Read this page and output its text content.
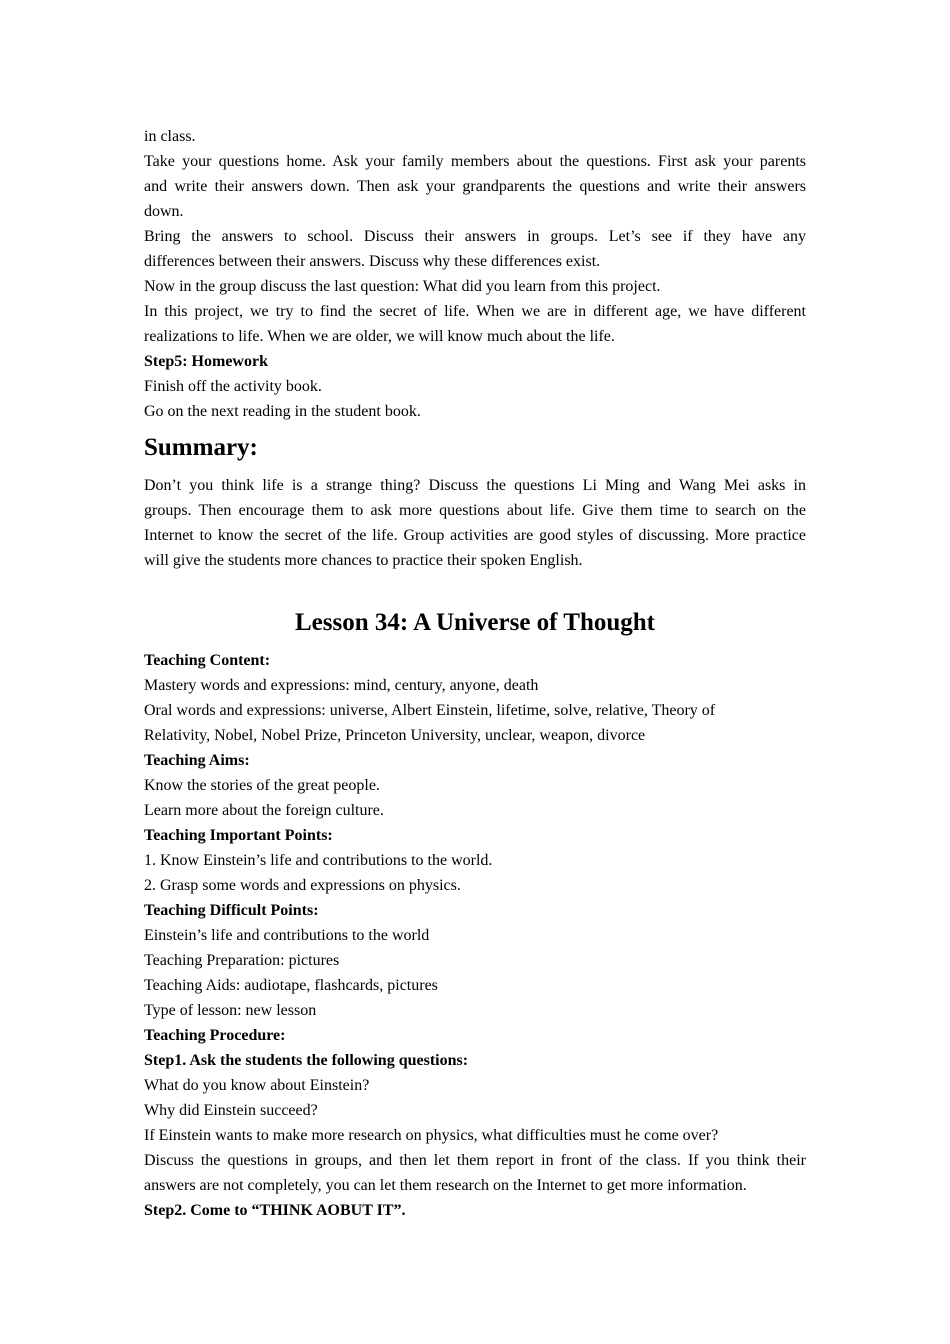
in class.
Take your questions home. Ask your family members about the questions. First ask your parents
and write their answers down. Then ask your grandparents the questions and write their answers
down.
Bring the answers to school. Discuss their answers in groups. Let’s see if they have any
differences between their answers. Discuss why these differences exist.
Now in the group discuss the last question: What did you learn from this project.
In this project, we try to find the secret of life. When we are in different age, we have different
realizations to life. When we are older, we will know much about the life.
Step5: Homework
Finish off the activity book.
Go on the next reading in the student book.
Summary:
Don’t you think life is a strange thing? Discuss the questions Li Ming and Wang Mei asks in
groups. Then encourage them to ask more questions about life. Give them time to search on the
Internet to know the secret of the life. Group activities are good styles of discussing. More practice
will give the students more chances to practice their spoken English.
Lesson 34: A Universe of Thought
Teaching Content:
Mastery words and expressions: mind, century, anyone, death
Oral words and expressions: universe, Albert Einstein, lifetime, solve, relative, Theory of
Relativity, Nobel, Nobel Prize, Princeton University, unclear, weapon, divorce
Teaching Aims:
Know the stories of the great people.
Learn more about the foreign culture.
Teaching Important Points:
1. Know Einstein’s life and contributions to the world.
2. Grasp some words and expressions on physics.
Teaching Difficult Points:
Einstein’s life and contributions to the world
Teaching Preparation: pictures
Teaching Aids: audiotape, flashcards, pictures
Type of lesson: new lesson
Teaching Procedure:
Step1. Ask the students the following questions:
What do you know about Einstein?
Why did Einstein succeed?
If Einstein wants to make more research on physics, what difficulties must he come over?
Discuss the questions in groups, and then let them report in front of the class. If you think their
answers are not completely, you can let them research on the Internet to get more information.
Step2. Come to “THINK AOBUT IT”.
